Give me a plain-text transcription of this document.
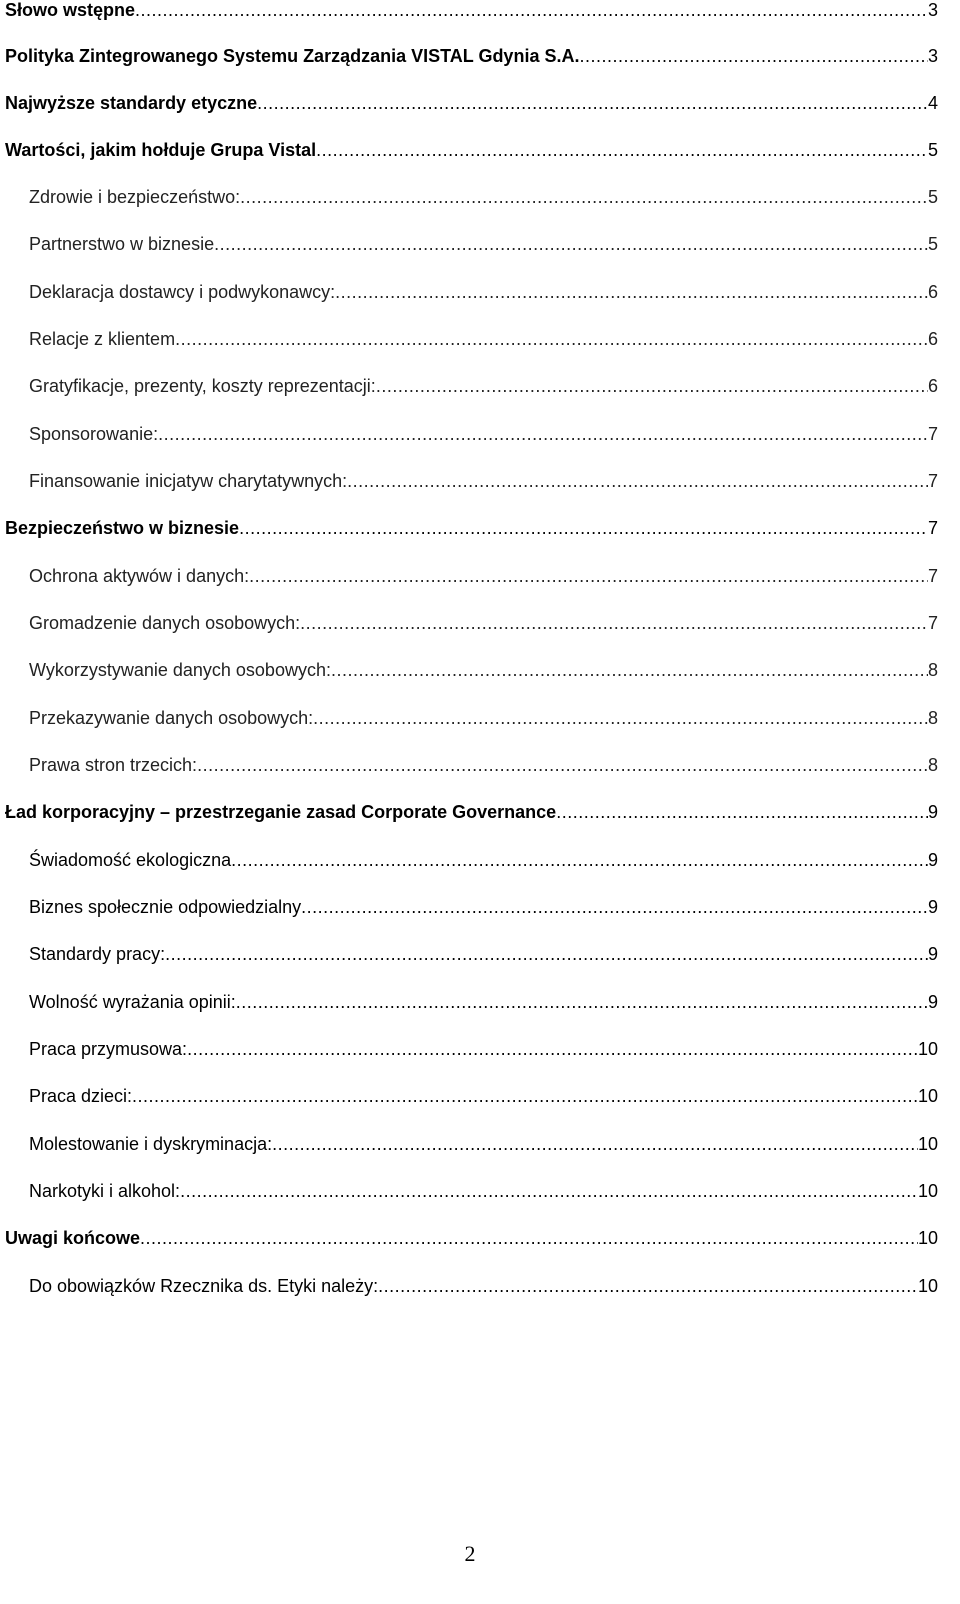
Słowo wstępne .....	3
Polityka Zintegrowanego Systemu Zarządzania VISTAL Gdynia S.A. .....	3
Najwyższe standardy etyczne .....	4
Wartości, jakim hołduje Grupa Vistal .....	5
Zdrowie i bezpieczeństwo: .....	5
Partnerstwo w biznesie .....	5
Deklaracja dostawcy i podwykonawcy: .....	6
Relacje z klientem .....	6
Gratyfikacje, prezenty, koszty reprezentacji: .....	6
Sponsorowanie: .....	7
Finansowanie inicjatyw charytatywnych: .....	7
Bezpieczeństwo w biznesie .....	7
Ochrona aktywów i danych: .....	7
Gromadzenie danych osobowych: .....	7
Wykorzystywanie danych osobowych: .....	8
Przekazywanie danych osobowych: .....	8
Prawa stron trzecich: .....	8
Ład korporacyjny – przestrzeganie zasad Corporate Governance .....	9
Świadomość ekologiczna .....	9
Biznes społecznie odpowiedzialny .....	9
Standardy pracy: .....	9
Wolność wyrażania opinii: .....	9
Praca przymusowa: .....	10
Praca dzieci: .....	10
Molestowanie i dyskryminacja: .....	10
Narkotyki i alkohol: .....	10
Uwagi końcowe .....	10
Do obowiązków Rzecznika ds. Etyki należy: .....	10
2
